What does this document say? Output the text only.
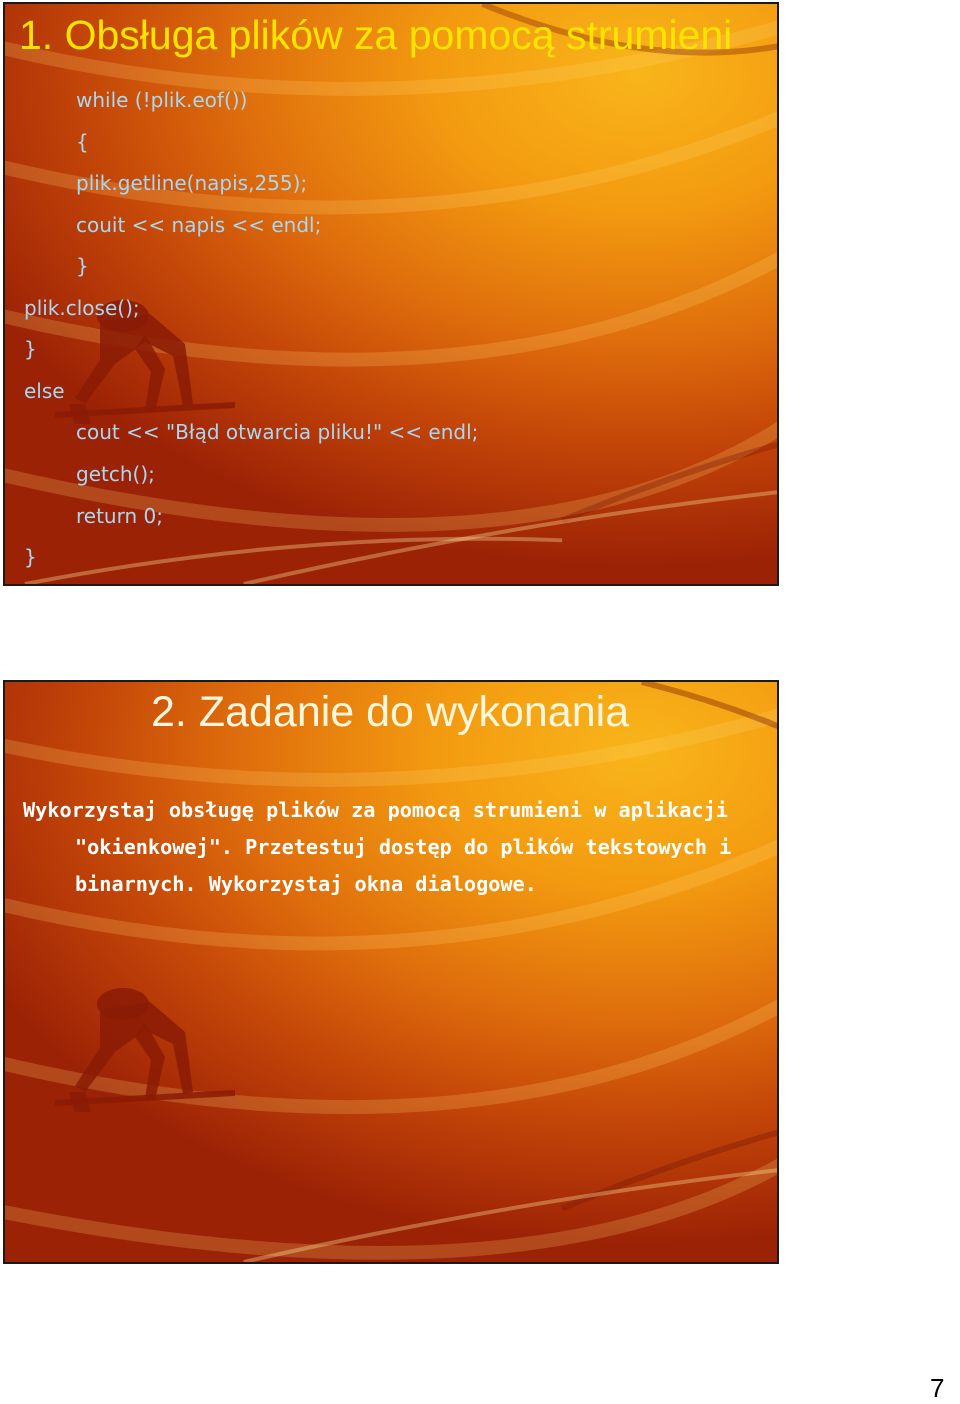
1. Obsługa plików za pomocą strumieni
while (!plik.eof())
{
plik.getline(napis,255);
couit << napis << endl;
}
plik.close();
}
else
cout << "Błąd otwarcia pliku!" << endl;
getch();
return 0;
}
2. Zadanie do wykonania
Wykorzystaj obsługę plików za pomocą strumieni w aplikacji "okienkowej". Przetestuj dostęp do plików tekstowych i binarnych. Wykorzystaj okna dialogowe.
7
